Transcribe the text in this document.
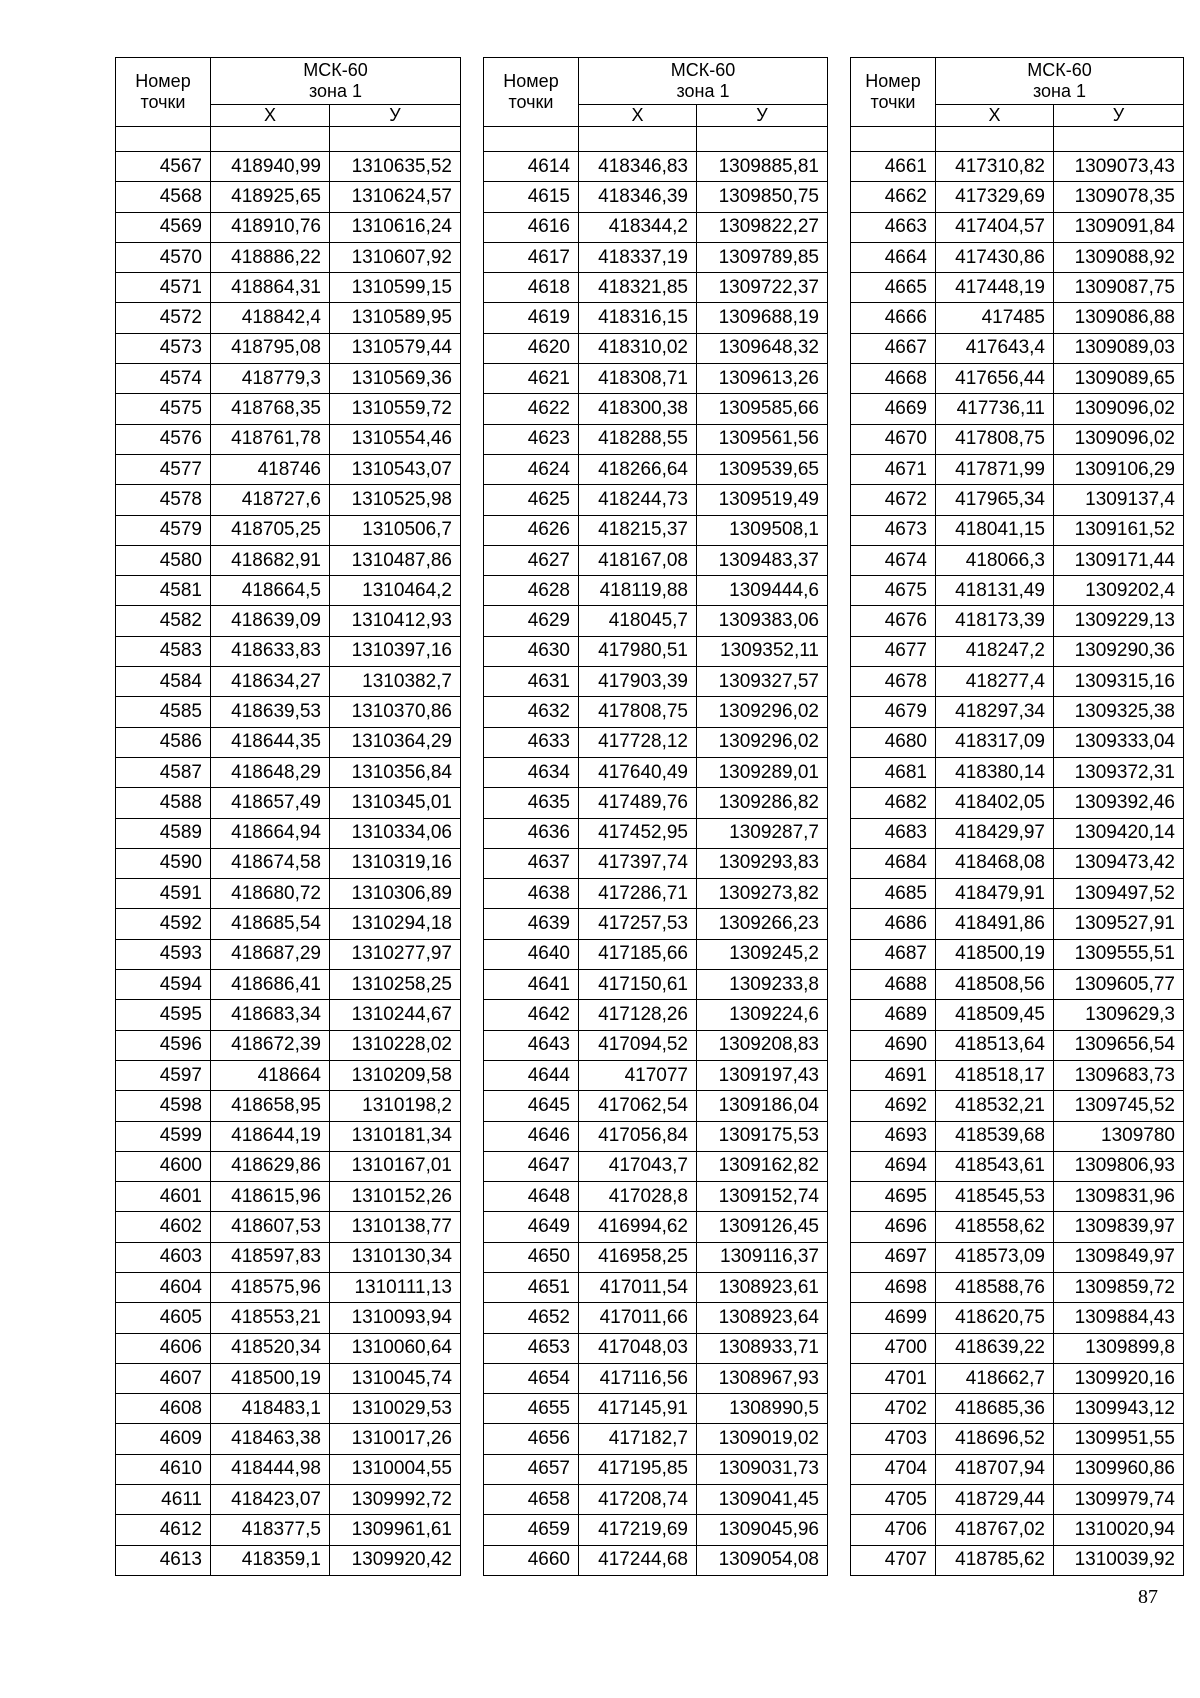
Номер точки	МСК-60
зона 1	
	X	У

4567	418940,99	1310635,52
4568	418925,65	1310624,57
4569	418910,76	1310616,24
4570	418886,22	1310607,92
4571	418864,31	1310599,15
4572	418842,4	1310589,95
4573	418795,08	1310579,44
4574	418779,3	1310569,36
4575	418768,35	1310559,72
4576	418761,78	1310554,46
4577	418746	1310543,07
4578	418727,6	1310525,98
4579	418705,25	1310506,7
4580	418682,91	1310487,86
4581	418664,5	1310464,2
4582	418639,09	1310412,93
4583	418633,83	1310397,16
4584	418634,27	1310382,7
4585	418639,53	1310370,86
4586	418644,35	1310364,29
4587	418648,29	1310356,84
4588	418657,49	1310345,01
4589	418664,94	1310334,06
4590	418674,58	1310319,16
4591	418680,72	1310306,89
4592	418685,54	1310294,18
4593	418687,29	1310277,97
4594	418686,41	1310258,25
4595	418683,34	1310244,67
4596	418672,39	1310228,02
4597	418664	1310209,58
4598	418658,95	1310198,2
4599	418644,19	1310181,34
4600	418629,86	1310167,01
4601	418615,96	1310152,26
4602	418607,53	1310138,77
4603	418597,83	1310130,34
4604	418575,96	1310111,13
4605	418553,21	1310093,94
4606	418520,34	1310060,64
4607	418500,19	1310045,74
4608	418483,1	1310029,53
4609	418463,38	1310017,26
4610	418444,98	1310004,55
4611	418423,07	1309992,72
4612	418377,5	1309961,61
4613	418359,1	1309920,42
Номер точки	МСК-60
зона 1	
	X	У

4614	418346,83	1309885,81
4615	418346,39	1309850,75
4616	418344,2	1309822,27
4617	418337,19	1309789,85
4618	418321,85	1309722,37
4619	418316,15	1309688,19
4620	418310,02	1309648,32
4621	418308,71	1309613,26
4622	418300,38	1309585,66
4623	418288,55	1309561,56
4624	418266,64	1309539,65
4625	418244,73	1309519,49
4626	418215,37	1309508,1
4627	418167,08	1309483,37
4628	418119,88	1309444,6
4629	418045,7	1309383,06
4630	417980,51	1309352,11
4631	417903,39	1309327,57
4632	417808,75	1309296,02
4633	417728,12	1309296,02
4634	417640,49	1309289,01
4635	417489,76	1309286,82
4636	417452,95	1309287,7
4637	417397,74	1309293,83
4638	417286,71	1309273,82
4639	417257,53	1309266,23
4640	417185,66	1309245,2
4641	417150,61	1309233,8
4642	417128,26	1309224,6
4643	417094,52	1309208,83
4644	417077	1309197,43
4645	417062,54	1309186,04
4646	417056,84	1309175,53
4647	417043,7	1309162,82
4648	417028,8	1309152,74
4649	416994,62	1309126,45
4650	416958,25	1309116,37
4651	417011,54	1308923,61
4652	417011,66	1308923,64
4653	417048,03	1308933,71
4654	417116,56	1308967,93
4655	417145,91	1308990,5
4656	417182,7	1309019,02
4657	417195,85	1309031,73
4658	417208,74	1309041,45
4659	417219,69	1309045,96
4660	417244,68	1309054,08
Номер точки	МСК-60
зона 1	
	X	У

4661	417310,82	1309073,43
4662	417329,69	1309078,35
4663	417404,57	1309091,84
4664	417430,86	1309088,92
4665	417448,19	1309087,75
4666	417485	1309086,88
4667	417643,4	1309089,03
4668	417656,44	1309089,65
4669	417736,11	1309096,02
4670	417808,75	1309096,02
4671	417871,99	1309106,29
4672	417965,34	1309137,4
4673	418041,15	1309161,52
4674	418066,3	1309171,44
4675	418131,49	1309202,4
4676	418173,39	1309229,13
4677	418247,2	1309290,36
4678	418277,4	1309315,16
4679	418297,34	1309325,38
4680	418317,09	1309333,04
4681	418380,14	1309372,31
4682	418402,05	1309392,46
4683	418429,97	1309420,14
4684	418468,08	1309473,42
4685	418479,91	1309497,52
4686	418491,86	1309527,91
4687	418500,19	1309555,51
4688	418508,56	1309605,77
4689	418509,45	1309629,3
4690	418513,64	1309656,54
4691	418518,17	1309683,73
4692	418532,21	1309745,52
4693	418539,68	1309780
4694	418543,61	1309806,93
4695	418545,53	1309831,96
4696	418558,62	1309839,97
4697	418573,09	1309849,97
4698	418588,76	1309859,72
4699	418620,75	1309884,43
4700	418639,22	1309899,8
4701	418662,7	1309920,16
4702	418685,36	1309943,12
4703	418696,52	1309951,55
4704	418707,94	1309960,86
4705	418729,44	1309979,74
4706	418767,02	1310020,94
4707	418785,62	1310039,92
87
